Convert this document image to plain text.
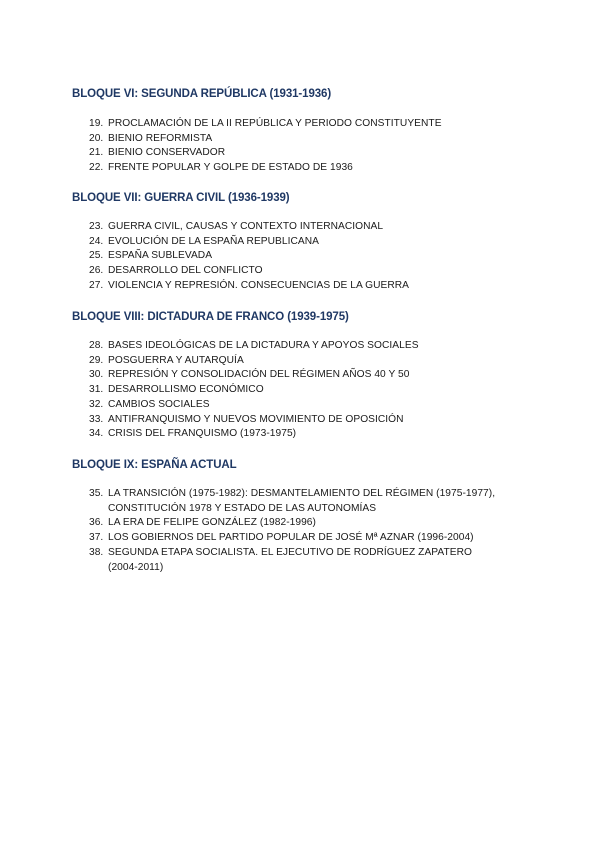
BLOQUE VI: SEGUNDA REPÚBLICA (1931-1936)
19. PROCLAMACIÓN DE LA II REPÚBLICA Y PERIODO CONSTITUYENTE
20. BIENIO REFORMISTA
21. BIENIO CONSERVADOR
22. FRENTE POPULAR Y GOLPE DE ESTADO DE 1936
BLOQUE VII: GUERRA CIVIL (1936-1939)
23. GUERRA CIVIL, CAUSAS Y CONTEXTO INTERNACIONAL
24. EVOLUCIÓN DE LA ESPAÑA REPUBLICANA
25. ESPAÑA SUBLEVADA
26. DESARROLLO DEL CONFLICTO
27. VIOLENCIA Y REPRESIÓN. CONSECUENCIAS DE LA GUERRA
BLOQUE VIII: DICTADURA DE FRANCO (1939-1975)
28. BASES IDEOLÓGICAS DE LA DICTADURA Y APOYOS SOCIALES
29. POSGUERRA Y AUTARQUÍA
30. REPRESIÓN Y CONSOLIDACIÓN DEL RÉGIMEN AÑOS 40 Y 50
31. DESARROLLISMO ECONÓMICO
32. CAMBIOS SOCIALES
33. ANTIFRANQUISMO Y NUEVOS MOVIMIENTO DE OPOSICIÓN
34. CRISIS DEL FRANQUISMO (1973-1975)
BLOQUE IX: ESPAÑA ACTUAL
35. LA TRANSICIÓN (1975-1982): DESMANTELAMIENTO DEL RÉGIMEN (1975-1977),
CONSTITUCIÓN 1978 Y ESTADO DE LAS AUTONOMÍAS
36. LA ERA DE FELIPE GONZÁLEZ (1982-1996)
37. LOS GOBIERNOS DEL PARTIDO POPULAR DE JOSÉ Mª AZNAR (1996-2004)
38. SEGUNDA ETAPA SOCIALISTA. EL EJECUTIVO DE RODRÍGUEZ ZAPATERO
(2004-2011)
